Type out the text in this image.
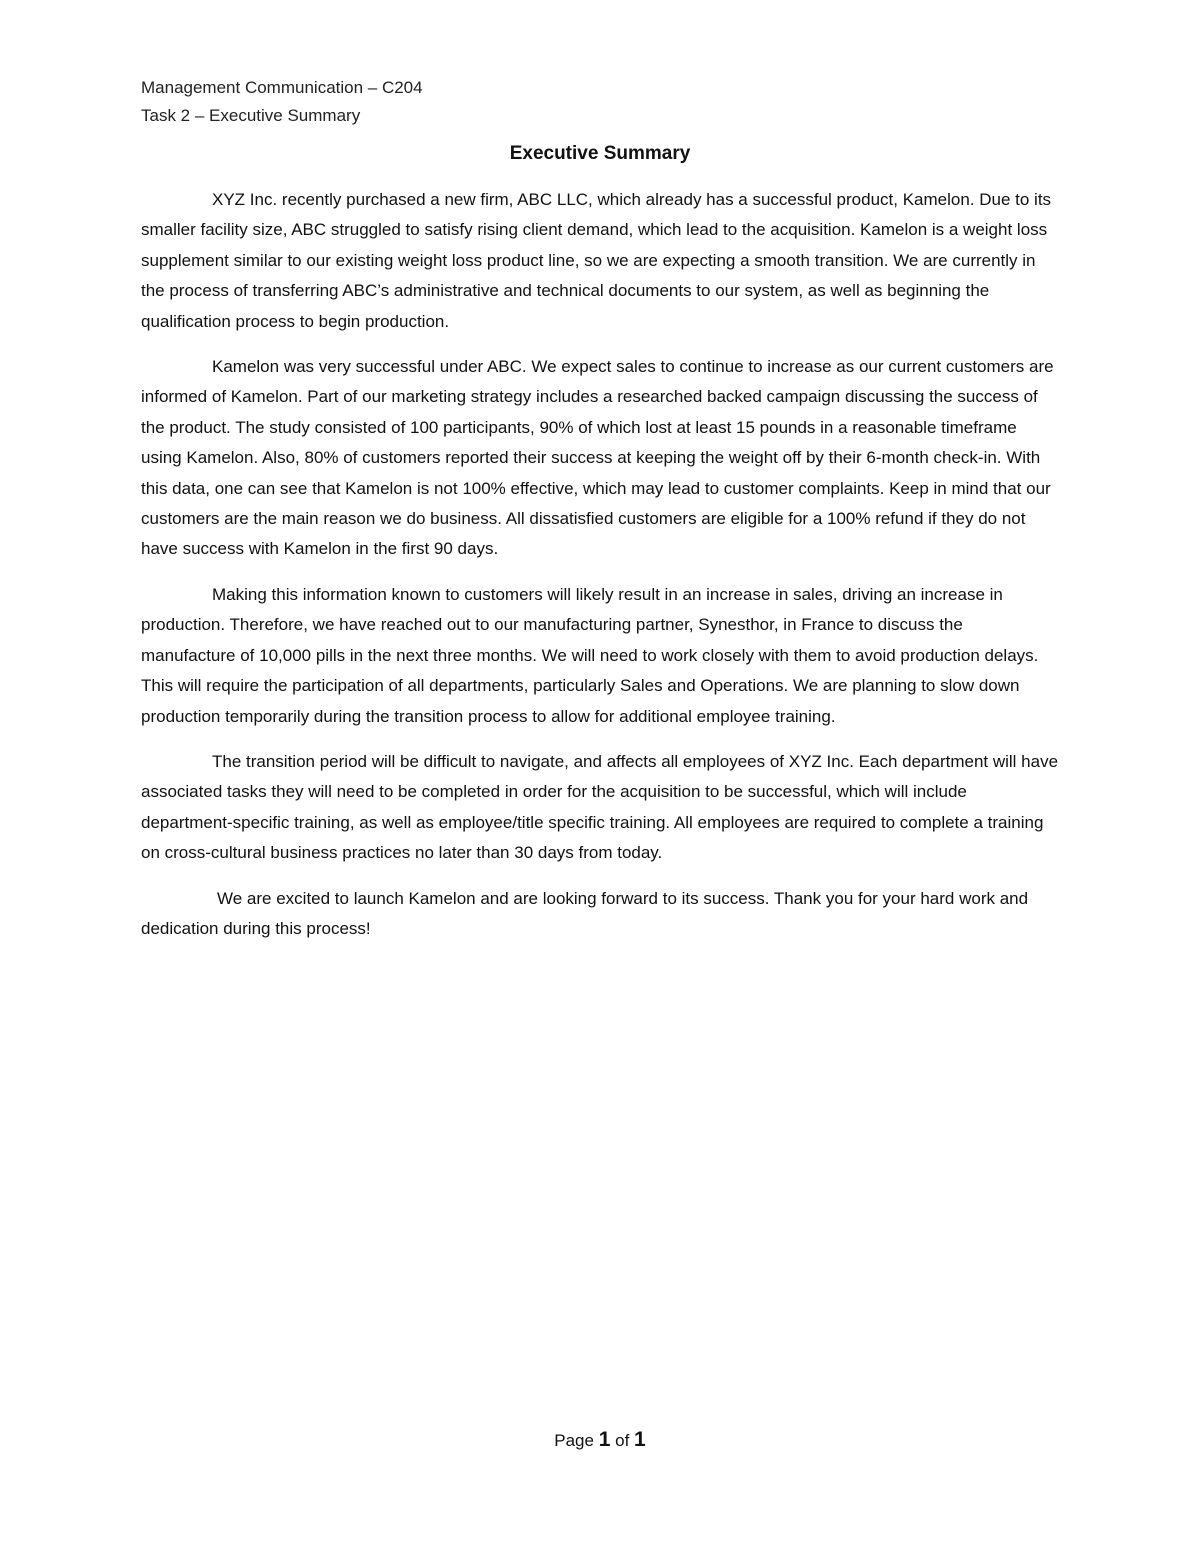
Management Communication – C204
Task 2 – Executive Summary
Executive Summary

XYZ Inc. recently purchased a new firm, ABC LLC, which already has a successful product, Kamelon. Due to its smaller facility size, ABC struggled to satisfy rising client demand, which lead to the acquisition. Kamelon is a weight loss supplement similar to our existing weight loss product line, so we are expecting a smooth transition. We are currently in the process of transferring ABC’s administrative and technical documents to our system, as well as beginning the qualification process to begin production.

Kamelon was very successful under ABC. We expect sales to continue to increase as our current customers are informed of Kamelon. Part of our marketing strategy includes a researched backed campaign discussing the success of the product. The study consisted of 100 participants, 90% of which lost at least 15 pounds in a reasonable timeframe using Kamelon. Also, 80% of customers reported their success at keeping the weight off by their 6-month check-in. With this data, one can see that Kamelon is not 100% effective, which may lead to customer complaints. Keep in mind that our customers are the main reason we do business. All dissatisfied customers are eligible for a 100% refund if they do not have success with Kamelon in the first 90 days.

Making this information known to customers will likely result in an increase in sales, driving an increase in production. Therefore, we have reached out to our manufacturing partner, Synesthor, in France to discuss the manufacture of 10,000 pills in the next three months. We will need to work closely with them to avoid production delays. This will require the participation of all departments, particularly Sales and Operations. We are planning to slow down production temporarily during the transition process to allow for additional employee training.

The transition period will be difficult to navigate, and affects all employees of XYZ Inc. Each department will have associated tasks they will need to be completed in order for the acquisition to be successful, which will include department-specific training, as well as employee/title specific training. All employees are required to complete a training on cross-cultural business practices no later than 30 days from today.

We are excited to launch Kamelon and are looking forward to its success. Thank you for your hard work and dedication during this process!

Page 1 of 1
